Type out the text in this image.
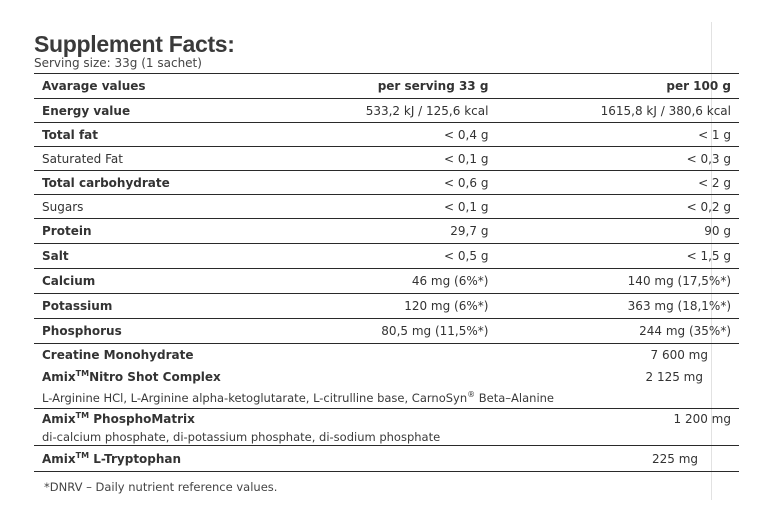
Supplement Facts:
Serving size: 33g (1 sachet)
Avarage values	per serving 33 g	per 100 g
Energy value	533,2 kJ / 125,6 kcal	1615,8 kJ / 380,6 kcal
Total fat	< 0,4 g	< 1 g
Saturated Fat	< 0,1 g	< 0,3 g
Total carbohydrate	< 0,6 g	< 2 g
Sugars	< 0,1 g	< 0,2 g
Protein	29,7 g	90 g
Salt	< 0,5 g	< 1,5 g
Calcium	46 mg (6%*)	140 mg (17,5%*)
Potassium	120 mg (6%*)	363 mg (18,1%*)
Phosphorus	80,5 mg (11,5%*)	244 mg (35%*)
Creatine Monohydrate		7 600 mg
Amix™Nitro Shot Complex		2 125 mg
L-Arginine HCl, L-Arginine alpha-ketoglutarate, L-citrulline base, CarnoSyn® Beta–Alanine		
Amix™ PhosphoMatrix		1 200 mg
di-calcium phosphate, di-potassium phosphate, di-sodium phosphate		
Amix™ L-Tryptophan		225 mg
*DNRV – Daily nutrient reference values.
